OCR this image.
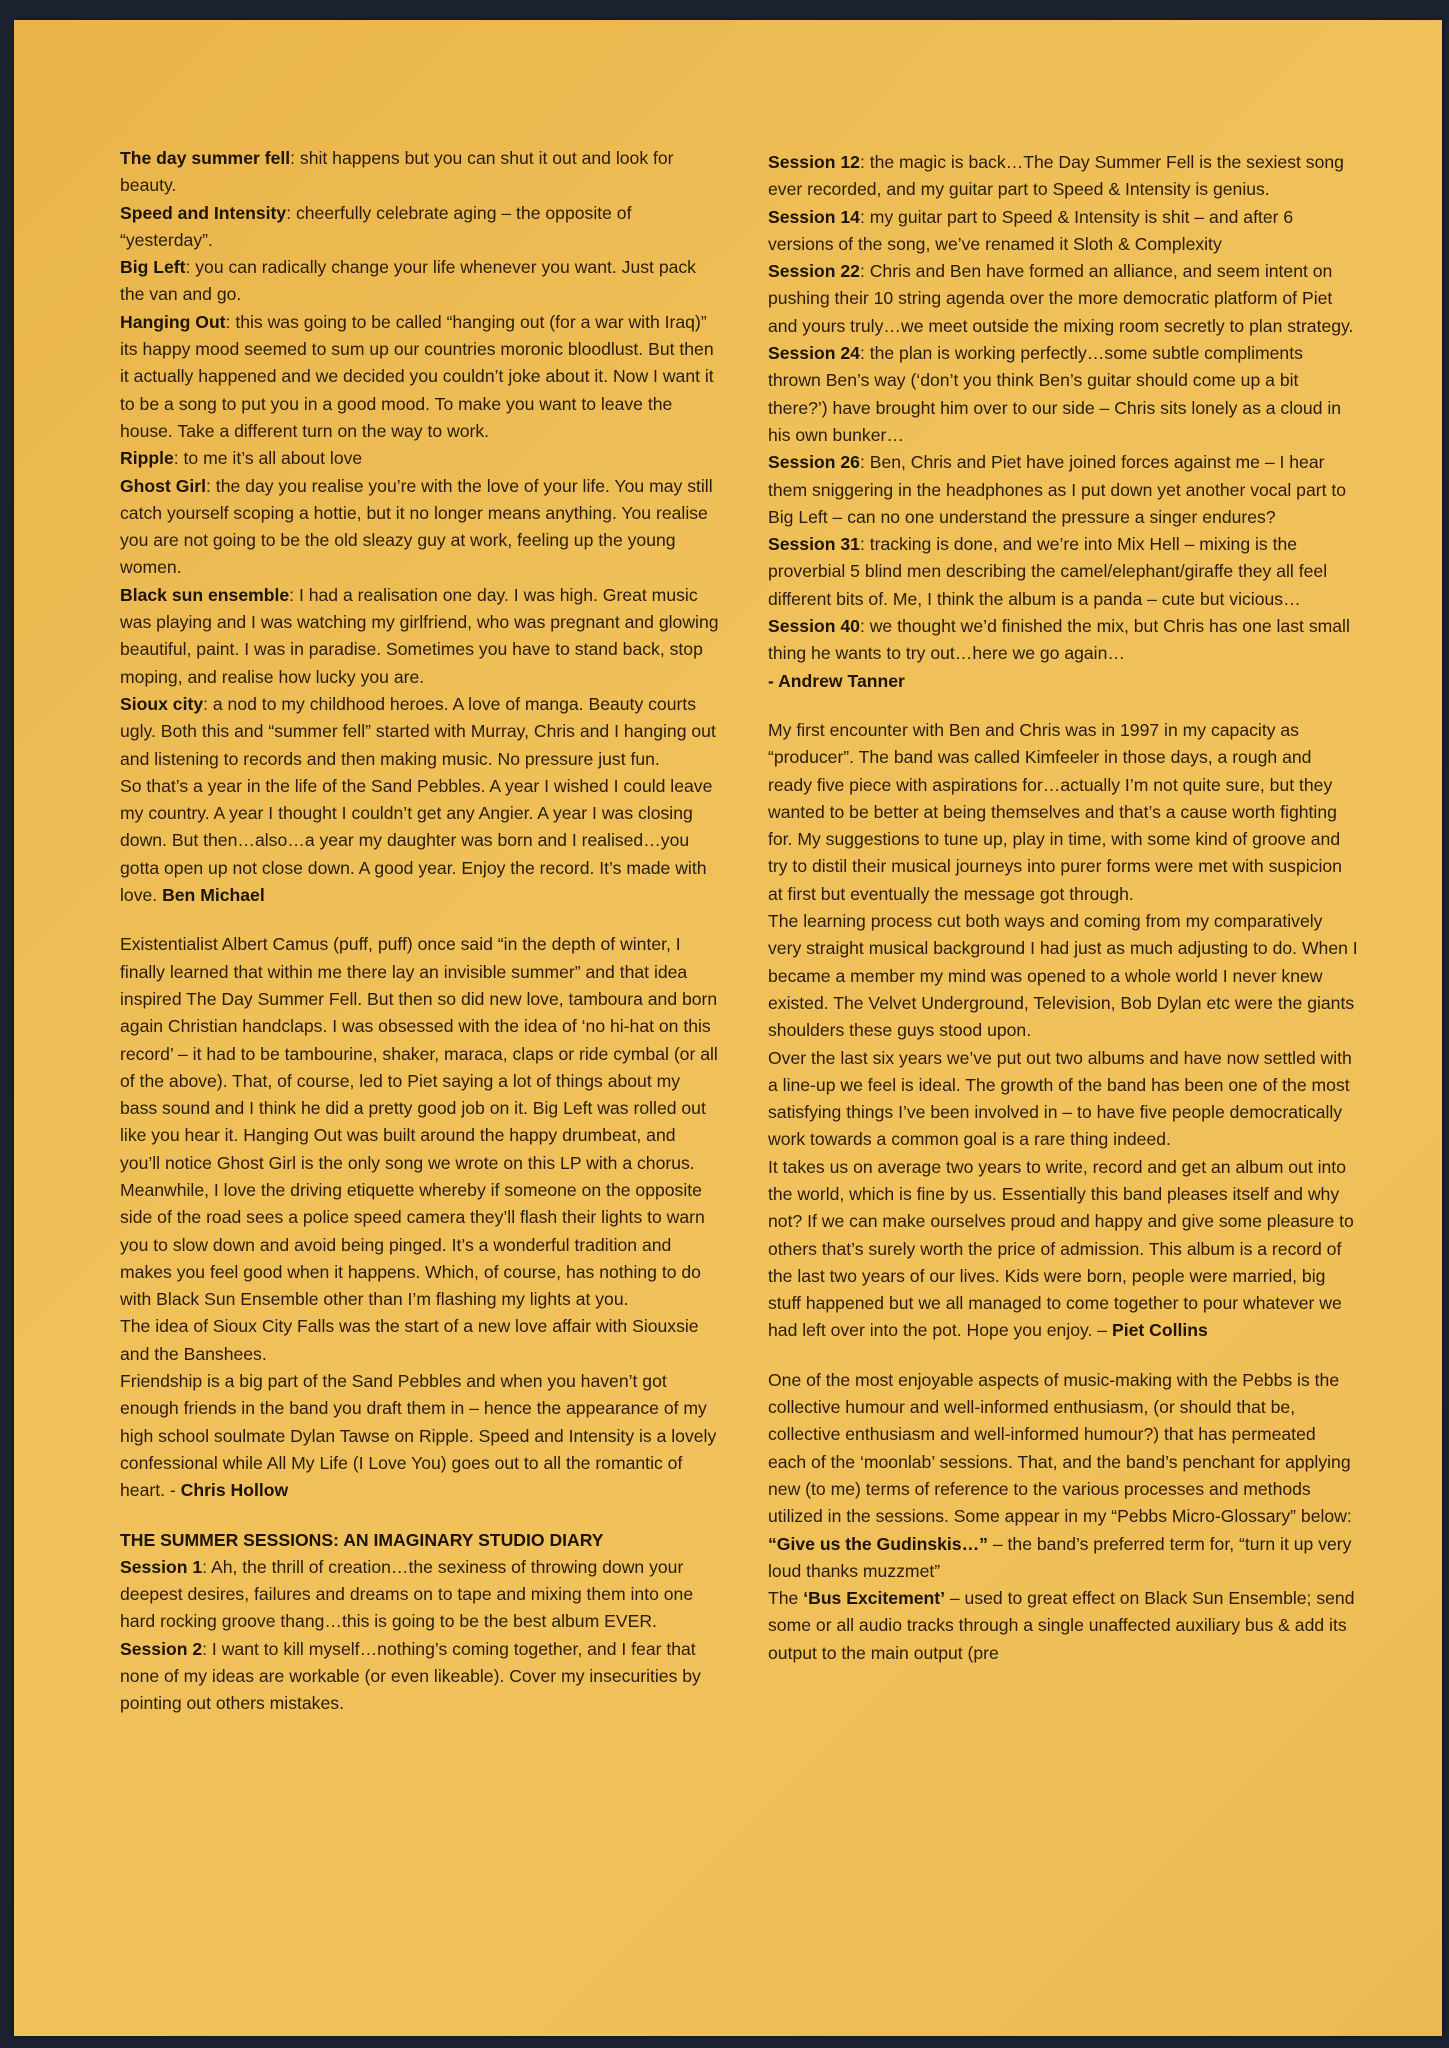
The day summer fell: shit happens but you can shut it out and look for beauty.

Speed and Intensity: cheerfully celebrate aging – the opposite of “yesterday”.

Big Left: you can radically change your life whenever you want. Just pack the van and go.

Hanging Out: this was going to be called “hanging out (for a war with Iraq)” its happy mood seemed to sum up our countries moronic bloodlust. But then it actually happened and we decided you couldn’t joke about it. Now I want it to be a song to put you in a good mood. To make you want to leave the house. Take a different turn on the way to work.

Ripple: to me it’s all about love

Ghost Girl: the day you realise you’re with the love of your life. You may still catch yourself scoping a hottie, but it no longer means anything. You realise you are not going to be the old sleazy guy at work, feeling up the young women.

Black sun ensemble: I had a realisation one day. I was high. Great music was playing and I was watching my girlfriend, who was pregnant and glowing beautiful, paint. I was in paradise. Sometimes you have to stand back, stop moping, and realise how lucky you are.

Sioux city: a nod to my childhood heroes. A love of manga. Beauty courts ugly. Both this and “summer fell” started with Murray, Chris and I hanging out and listening to records and then making music. No pressure just fun.

So that’s a year in the life of the Sand Pebbles. A year I wished I could leave my country. A year I thought I couldn’t get any Angier. A year I was closing down. But then…also…a year my daughter was born and I realised…you gotta open up not close down. A good year. Enjoy the record. It’s made with love. Ben Michael

Existentialist Albert Camus (puff, puff) once said “in the depth of winter, I finally learned that within me there lay an invisible summer” and that idea inspired The Day Summer Fell. But then so did new love, tamboura and born again Christian handclaps. I was obsessed with the idea of ‘no hi-hat on this record’ – it had to be tambourine, shaker, maraca, claps or ride cymbal (or all of the above). That, of course, led to Piet saying a lot of things about my bass sound and I think he did a pretty good job on it. Big Left was rolled out like you hear it. Hanging Out was built around the happy drumbeat, and you’ll notice Ghost Girl is the only song we wrote on this LP with a chorus. Meanwhile, I love the driving etiquette whereby if someone on the opposite side of the road sees a police speed camera they’ll flash their lights to warn you to slow down and avoid being pinged. It’s a wonderful tradition and makes you feel good when it happens. Which, of course, has nothing to do with Black Sun Ensemble other than I’m flashing my lights at you.

The idea of Sioux City Falls was the start of a new love affair with Siouxsie and the Banshees.

Friendship is a big part of the Sand Pebbles and when you haven’t got enough friends in the band you draft them in – hence the appearance of my high school soulmate Dylan Tawse on Ripple. Speed and Intensity is a lovely confessional while All My Life (I Love You) goes out to all the romantic of heart. - Chris Hollow

THE SUMMER SESSIONS: AN IMAGINARY STUDIO DIARY

Session 1: Ah, the thrill of creation…the sexiness of throwing down your deepest desires, failures and dreams on to tape and mixing them into one hard rocking groove thang…this is going to be the best album EVER.

Session 2: I want to kill myself…nothing’s coming together, and I fear that none of my ideas are workable (or even likeable). Cover my insecurities by pointing out others mistakes.

Session 12: the magic is back…The Day Summer Fell is the sexiest song ever recorded, and my guitar part to Speed & Intensity is genius.

Session 14: my guitar part to Speed & Intensity is shit – and after 6 versions of the song, we’ve renamed it Sloth & Complexity

Session 22: Chris and Ben have formed an alliance, and seem intent on pushing their 10 string agenda over the more democratic platform of Piet and yours truly…we meet outside the mixing room secretly to plan strategy.

Session 24: the plan is working perfectly…some subtle compliments thrown Ben’s way (‘don’t you think Ben’s guitar should come up a bit there?’) have brought him over to our side – Chris sits lonely as a cloud in his own bunker…

Session 26: Ben, Chris and Piet have joined forces against me – I hear them sniggering in the headphones as I put down yet another vocal part to Big Left – can no one understand the pressure a singer endures?

Session 31: tracking is done, and we’re into Mix Hell – mixing is the proverbial 5 blind men describing the camel/elephant/giraffe they all feel different bits of. Me, I think the album is a panda – cute but vicious…

Session 40: we thought we’d finished the mix, but Chris has one last small thing he wants to try out…here we go again…

- Andrew Tanner

My first encounter with Ben and Chris was in 1997 in my capacity as “producer”. The band was called Kimfeeler in those days, a rough and ready five piece with aspirations for…actually I’m not quite sure, but they wanted to be better at being themselves and that’s a cause worth fighting for. My suggestions to tune up, play in time, with some kind of groove and try to distil their musical journeys into purer forms were met with suspicion at first but eventually the message got through.

The learning process cut both ways and coming from my comparatively very straight musical background I had just as much adjusting to do. When I became a member my mind was opened to a whole world I never knew existed. The Velvet Underground, Television, Bob Dylan etc were the giants shoulders these guys stood upon.

Over the last six years we’ve put out two albums and have now settled with a line-up we feel is ideal. The growth of the band has been one of the most satisfying things I’ve been involved in – to have five people democratically work towards a common goal is a rare thing indeed.

It takes us on average two years to write, record and get an album out into the world, which is fine by us. Essentially this band pleases itself and why not? If we can make ourselves proud and happy and give some pleasure to others that’s surely worth the price of admission. This album is a record of the last two years of our lives. Kids were born, people were married, big stuff happened but we all managed to come together to pour whatever we had left over into the pot. Hope you enjoy. – Piet Collins

One of the most enjoyable aspects of music-making with the Pebbs is the collective humour and well-informed enthusiasm, (or should that be, collective enthusiasm and well-informed humour?) that has permeated each of the ‘moonlab’ sessions. That, and the band’s penchant for applying new (to me) terms of reference to the various processes and methods utilized in the sessions. Some appear in my “Pebbs Micro-Glossary” below:

“Give us the Gudinskis…” – the band’s preferred term for, “turn it up very loud thanks muzzmet”

The ‘Bus Excitement’ – used to great effect on Black Sun Ensemble; send some or all audio tracks through a single unaffected auxiliary bus & add its output to the main output (pre
